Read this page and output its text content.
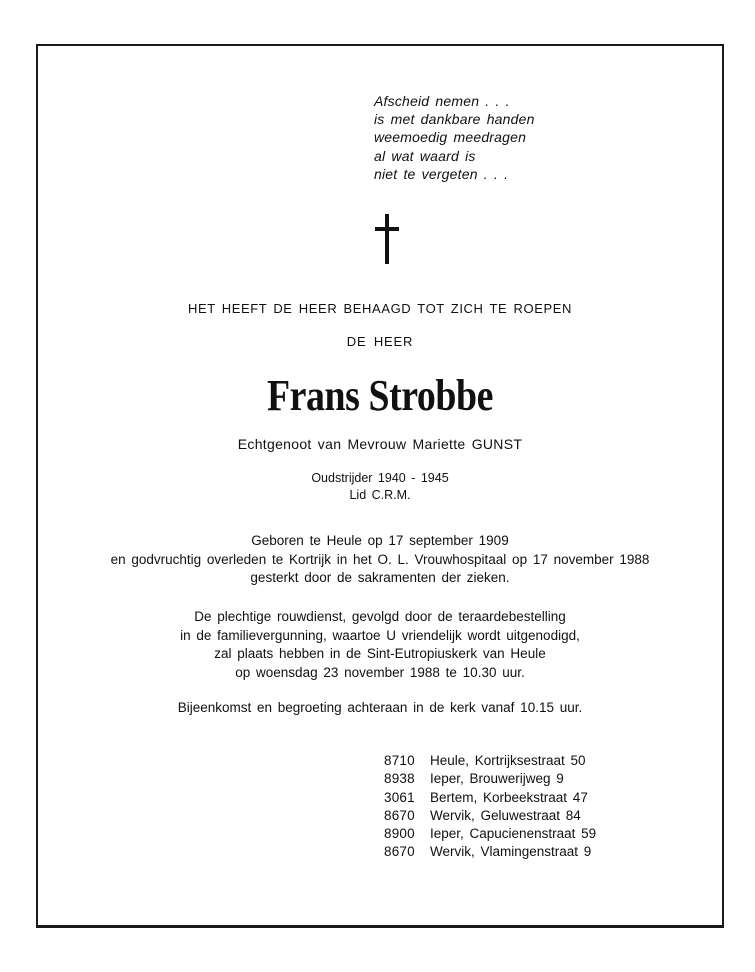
Afscheid nemen . . .
is met dankbare handen
weemoedig meedragen
al wat waard is
niet te vergeten . . .
HET HEEFT DE HEER BEHAAGD TOT ZICH TE ROEPEN
DE HEER
Frans Strobbe
Echtgenoot van Mevrouw Mariette GUNST
Oudstrijder 1940 - 1945
Lid C.R.M.
Geboren te Heule op 17 september 1909
en godvruchtig overleden te Kortrijk in het O. L. Vrouwhospitaal op 17 november 1988
gesterkt door de sakramenten der zieken.
De plechtige rouwdienst, gevolgd door de teraardebestelling
in de familievergunning, waartoe U vriendelijk wordt uitgenodigd,
zal plaats hebben in de Sint-Eutropiuskerk van Heule
op woensdag 23 november 1988 te 10.30 uur.
Bijeenkomst en begroeting achteraan in de kerk vanaf 10.15 uur.
8710	Heule, Kortrijksestraat 50
8938	Ieper, Brouwerijweg 9
3061	Bertem, Korbeekstraat 47
8670	Wervik, Geluwestraat 84
8900	Ieper, Capucienenstraat 59
8670	Wervik, Vlamingenstraat 9
